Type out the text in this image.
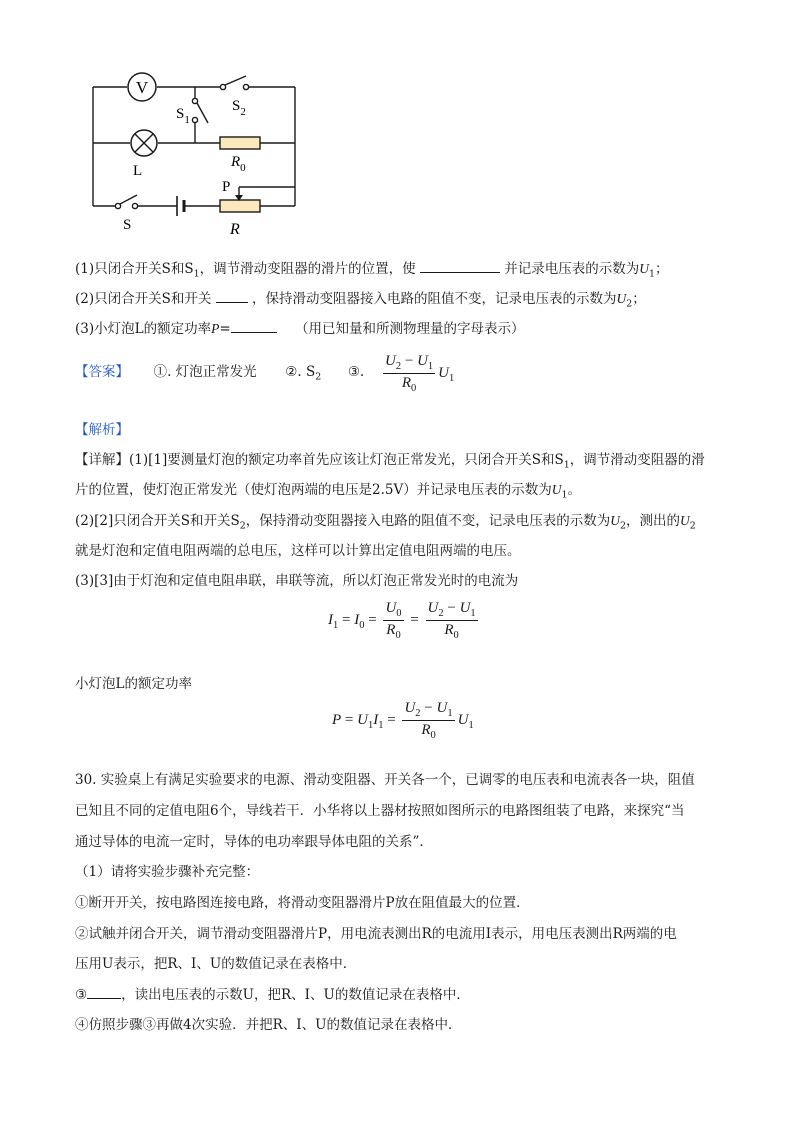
V
$S_1$
$S_2$
L
$R_0$
P
S	R
(1)只闭合开关S和$S_1$，调节滑动变阻器的滑片的位置，使	并记录电压表的示数为$U_1$；
(2)只闭合开关S和开关	，保持滑动变阻器接入电路的阻值不变，记录电压表的示数为$U_2$；
(3)小灯泡L的额定功率P=	（用已知量和所测物理量的字母表示）
【答案】 ①. 灯泡正常发光 ②. $S_2$ ③. $\frac{U_2 - U_1}{R_0} U_1$
【解析】
【详解】(1)[1]要测量灯泡的额定功率首先应该让灯泡正常发光，只闭合开关S和$S_1$，调节滑动变阻器的滑
片的位置，使灯泡正常发光（使灯泡两端的电压是2.5V）并记录电压表的示数为$U_1$。
(2)[2]只闭合开关S和开关$S_2$，保持滑动变阻器接入电路的阻值不变，记录电压表的示数为$U_2$，测出的$U_2$
就是灯泡和定值电阻两端的总电压，这样可以计算出定值电阻两端的电压。
(3)[3]由于灯泡和定值电阻串联，串联等流，所以灯泡正常发光时的电流为
$I_1 = I_0 = \frac{U_0}{R_0} = \frac{U_2 - U_1}{R_0}$
小灯泡L的额定功率
$P = U_1I_1 = \frac{U_2 - U_1}{R_0} U_1$
30. 实验桌上有满足实验要求的电源、滑动变阻器、开关各一个，已调零的电压表和电流表各一块，阻值
已知且不同的定值电阻6个，导线若干．小华将以上器材按照如图所示的电路图组装了电路，来探究“当
通过导体的电流一定时，导体的电功率跟导体电阻的关系”．
（1）请将实验步骤补充完整：
①断开开关，按电路图连接电路，将滑动变阻器滑片P放在阻值最大的位置．
②试触并闭合开关，调节滑动变阻器滑片P，用电流表测出R的电流用I表示，用电压表测出R两端的电
压用U表示，把R、I、U的数值记录在表格中．
③	，读出电压表的示数U，把R、I、U的数值记录在表格中．
④仿照步骤③再做4次实验．并把R、I、U的数值记录在表格中．
